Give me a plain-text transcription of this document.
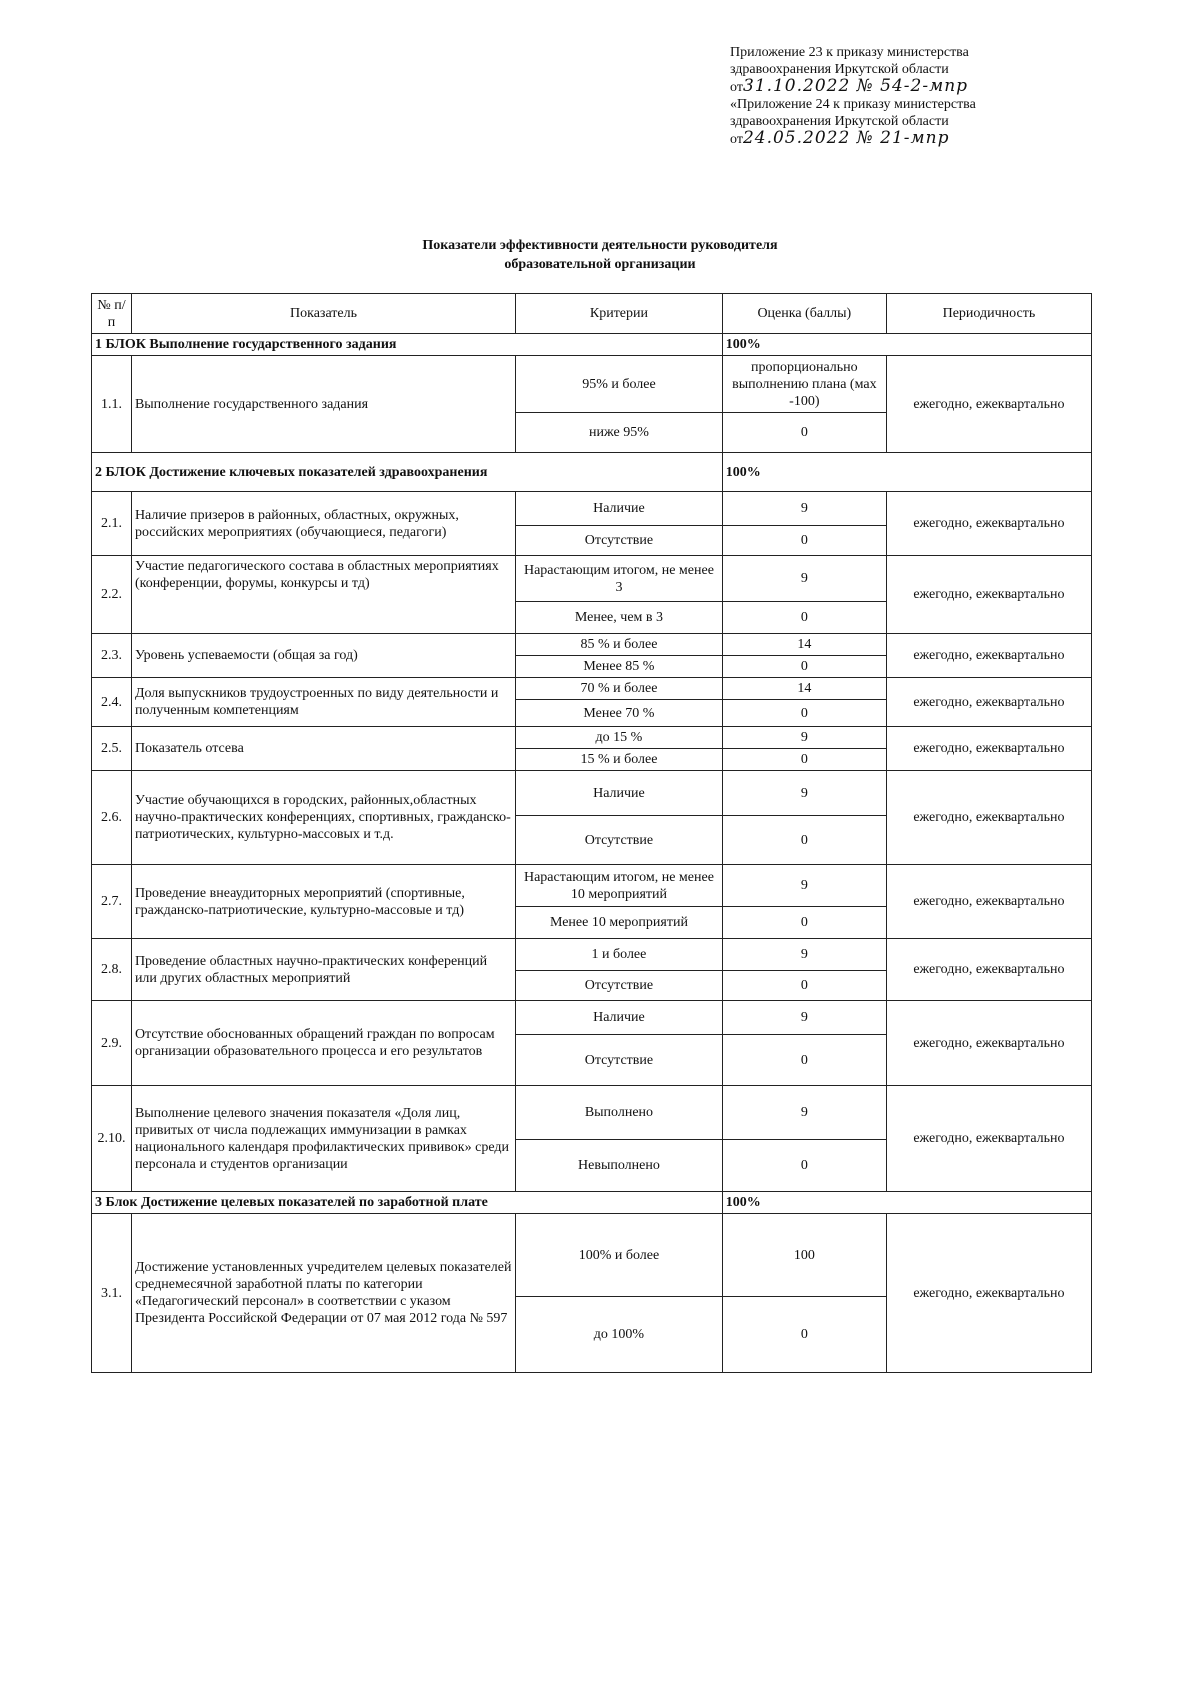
Приложение 23 к приказу министерства
здравоохранения Иркутской области
от31.10.2022 № 54-2-мпр
«Приложение 24 к приказу министерства
здравоохранения Иркутской области
от24.05.2022 № 21-мпр
Показатели эффективности деятельности руководителя
образовательной организации
№ п/п	Показатель	Критерии	Оценка (баллы)	Периодичность
1 БЛОК Выполнение государственного задания			100%	
1.1.	Выполнение государственного задания	95% и более	пропорционально выполнению плана (мах -100)	ежегодно, ежеквартально
		ниже 95%	0	
2 БЛОК Достижение ключевых показателей здравоохранения			100%	
2.1.	Наличие призеров в районных, областных, окружных, российских мероприятиях (обучающиеся, педагоги)	Наличие	9	ежегодно, ежеквартально
		Отсутствие	0	
2.2.	Участие педагогического состава в областных мероприятиях (конференции, форумы, конкурсы и тд)	Нарастающим итогом, не менее 3	9	ежегодно, ежеквартально
		Менее, чем в 3	0	
2.3.	Уровень успеваемости (общая за год)	85 % и более	14	ежегодно, ежеквартально
		Менее 85 %	0	
2.4.	Доля выпускников трудоустроенных по виду деятельности и полученным компетенциям	70 % и более	14	ежегодно, ежеквартально
		Менее 70 %	0	
2.5.	Показатель отсева	до 15 %	9	ежегодно, ежеквартально
		15 % и более	0	
2.6.	Участие обучающихся в городских, районных,областных научно-практических конференциях, спортивных, гражданско-патриотических, культурно-массовых и т.д.	Наличие	9	ежегодно, ежеквартально
		Отсутствие	0	
2.7.	Проведение внеаудиторных мероприятий (спортивные, гражданско-патриотические, культурно-массовые и тд)	Нарастающим итогом, не менее 10 мероприятий	9	ежегодно, ежеквартально
		Менее 10 мероприятий	0	
2.8.	Проведение областных научно-практических конференций или других областных мероприятий	1 и более	9	ежегодно, ежеквартально
		Отсутствие	0	
2.9.	Отсутствие обоснованных обращений граждан по вопросам организации образовательного процесса и его результатов	Наличие	9	ежегодно, ежеквартально
		Отсутствие	0	
2.10.	Выполнение целевого значения показателя «Доля лиц, привитых от числа подлежащих иммунизации в рамках национального календаря профилактических прививок» среди персонала и студентов организации	Выполнено	9	ежегодно, ежеквартально
		Невыполнено	0	
3 Блок Достижение целевых показателей по заработной плате			100%	
3.1.	Достижение установленных учредителем целевых показателей среднемесячной заработной платы по категории «Педагогический персонал» в соответствии с указом Президента Российской Федерации от 07 мая 2012 года № 597	100% и более	100	ежегодно, ежеквартально
		до 100%	0	
